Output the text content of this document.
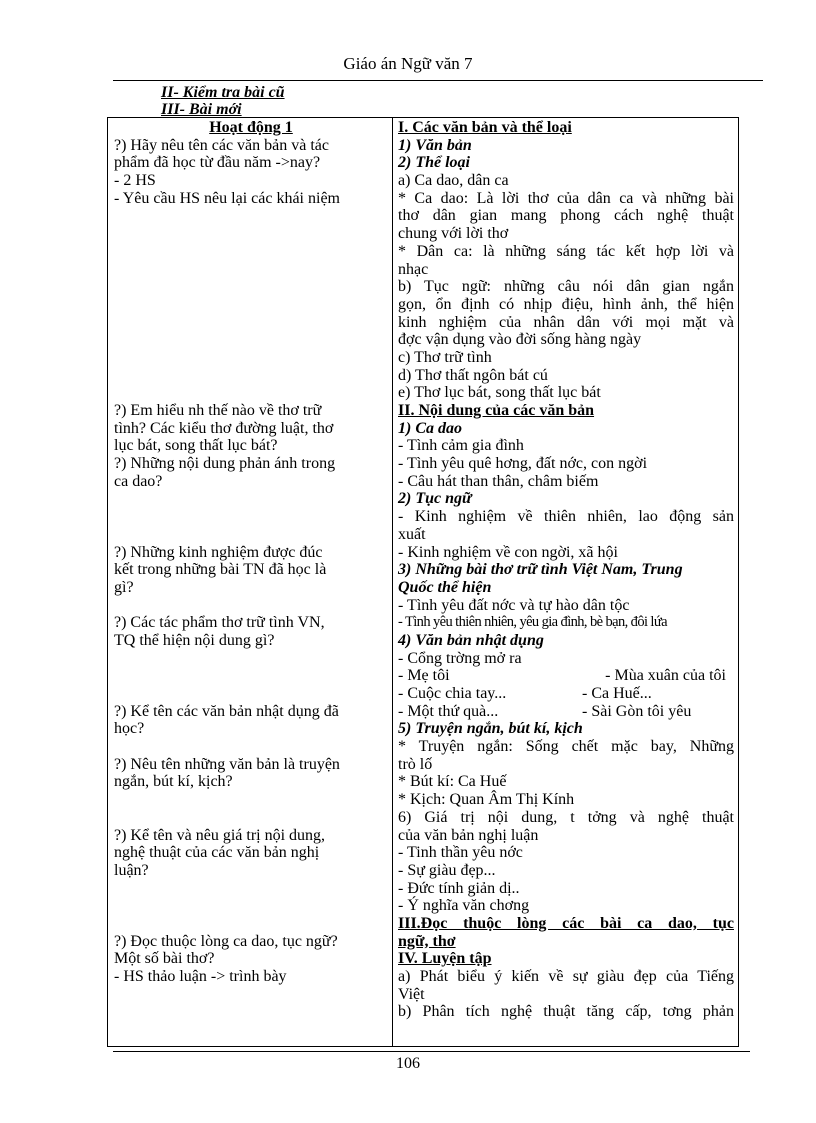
Giáo án Ngữ văn 7
II- Kiểm tra bài cũ
III- Bài mới
Hoạt động 1
?) Hãy nêu tên các văn bản và tác
phẩm đã học từ đầu năm ->nay?
- 2 HS
- Yêu cầu HS nêu lại các khái niệm
?) Em hiểu nh thế nào về thơ trữ
tình? Các kiểu thơ đường luật, thơ
lục bát, song thất lục bát?
?) Những nội dung phản ánh trong
ca dao?
?) Những kinh nghiệm được đúc
kết trong những bài TN đã học là
gì?
?) Các tác phẩm thơ trữ tình VN,
TQ thể hiện nội dung gì?
?) Kể tên các văn bản nhật dụng đã
học?
?) Nêu tên những văn bản là truyện
ngắn, bút kí, kịch?
?) Kể tên và nêu giá trị nội dung,
nghệ thuật của các văn bản nghị
luận?
?) Đọc thuộc lòng ca dao, tục ngữ?
Một số bài thơ?
- HS thảo luận -> trình bày
I. Các văn bản và thể loại
1) Văn bản
2) Thể loại
a) Ca dao, dân ca
* Ca dao: Là lời thơ của dân ca và những bài
thơ dân gian mang phong cách nghệ thuật
chung với lời thơ
* Dân ca: là những sáng tác kết hợp lời và
nhạc
b) Tục ngữ: những câu nói dân gian ngắn
gọn, ổn định có nhịp điệu, hình ảnh, thể hiện
kinh nghiệm của nhân dân với mọi mặt và
đợc vận dụng vào đời sống hàng ngày
c) Thơ trữ tình
d) Thơ thất ngôn bát cú
e) Thơ lục bát, song thất lục bát
II. Nội dung của các văn bản
1) Ca dao
- Tình cảm gia đình
- Tình yêu quê hơng, đất nớc, con ngời
- Câu hát than thân, châm biếm
2) Tục ngữ
- Kinh nghiệm về thiên nhiên, lao động sản
xuất
- Kinh nghiệm về con ngời, xã hội
3) Những bài thơ trữ tình Việt Nam, Trung
Quốc thể hiện
- Tình yêu đất nớc và tự hào dân tộc
- Tình yêu thiên nhiên, yêu gia đình, bè bạn, đôi lứa
4) Văn bản nhật dụng
- Cổng trờng mở ra
- Mẹ tôi	- Mùa xuân của tôi
- Cuộc chia tay...	- Ca Huế...
- Một thứ quà...	- Sài Gòn tôi yêu
5) Truyện ngắn, bút kí, kịch
* Truyện ngắn: Sống chết mặc bay, Những
trò lố
* Bút kí: Ca Huế
* Kịch: Quan Âm Thị Kính
6) Giá trị nội dung, t tởng và nghệ thuật
của văn bản nghị luận
- Tinh thần yêu nớc
- Sự giàu đẹp...
- Đức tính giản dị..
- Ý nghĩa văn chơng
III.Đọc thuộc lòng các bài ca dao, tục
ngữ, thơ
IV. Luyện tập
a) Phát biểu ý kiến về sự giàu đẹp của Tiếng
Việt
b) Phân tích nghệ thuật tăng cấp, tơng phản
106
